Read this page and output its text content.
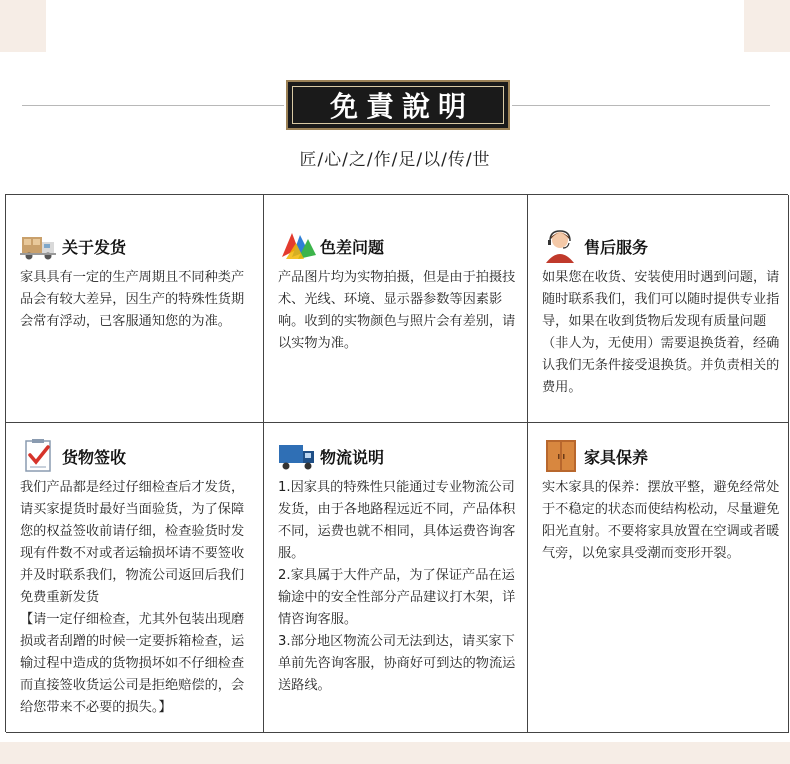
免責說明
匠/心/之/作/足/以/传/世
关于发货

家具具有一定的生产周期且不同种类产品会有较大差异，因生产的特殊性货期会常有浮动，已客服通知您的为准。

色差问题

产品图片均为实物拍摄，但是由于拍摄技术、光线、环境、显示器参数等因素影响。收到的实物颜色与照片会有差别，请以实物为准。

售后服务

如果您在收货、安装使用时遇到问题，请随时联系我们，我们可以随时提供专业指导，如果在收到货物后发现有质量问题（非人为，无使用）需要退换货着，经确认我们无条件接受退换货。并负责相关的费用。

货物签收

我们产品都是经过仔细检查后才发货，请买家提货时最好当面验货，为了保障您的权益签收前请仔细，检查验货时发现有件数不对或者运输损坏请不要签收并及时联系我们，物流公司返回后我们免费重新发货

【请一定仔细检查，尤其外包装出现磨损或者刮蹭的时候一定要拆箱检查，运输过程中造成的货物损坏如不仔细检查而直接签收货运公司是拒绝赔偿的，会给您带来不必要的损失。】

物流说明

1.因家具的特殊性只能通过专业物流公司发货，由于各地路程远近不同，产品体积不同，运费也就不相同，具体运费咨询客服。

2.家具属于大件产品，为了保证产品在运输途中的安全性部分产品建议打木架，详情咨询客服。

3.部分地区物流公司无法到达，请买家下单前先咨询客服，协商好可到达的物流运送路线。

家具保养

实木家具的保养：摆放平整，避免经常处于不稳定的状态而使结构松动，尽量避免阳光直射。不要将家具放置在空调或者暖气旁，以免家具受潮而变形开裂。
